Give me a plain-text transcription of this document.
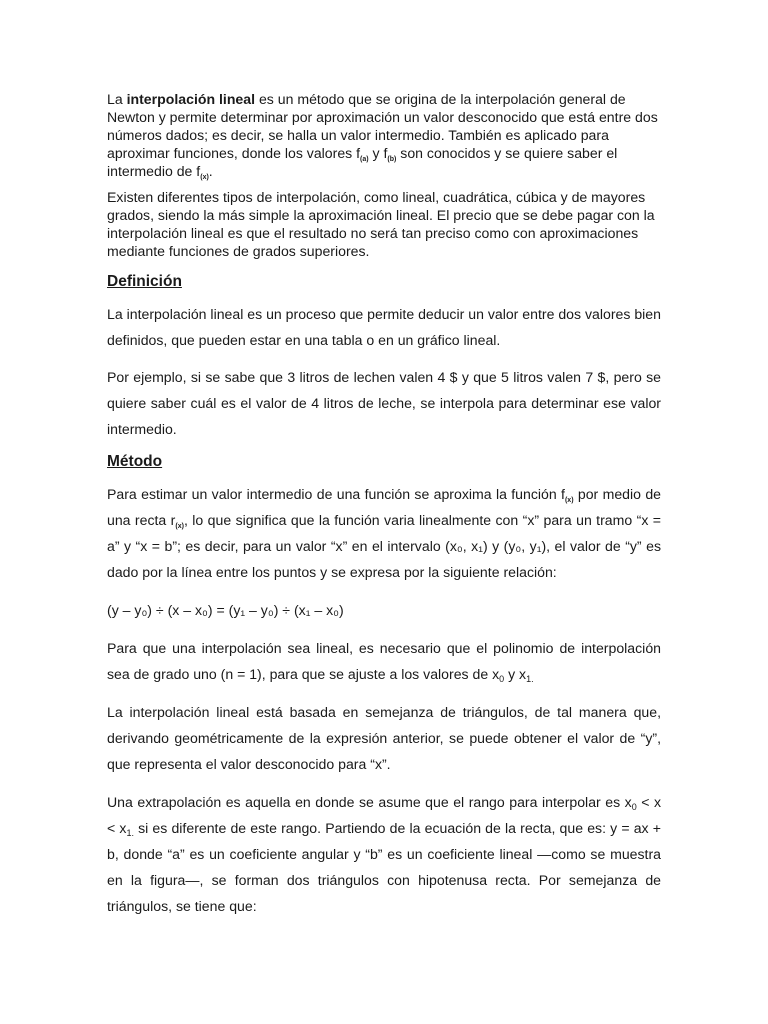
La interpolación lineal es un método que se origina de la interpolación general de Newton y permite determinar por aproximación un valor desconocido que está entre dos números dados; es decir, se halla un valor intermedio. También es aplicado para aproximar funciones, donde los valores $f_{(a)}$ y $f_{(b)}$ son conocidos y se quiere saber el intermedio de $f_{(x)}$.

Existen diferentes tipos de interpolación, como lineal, cuadrática, cúbica y de mayores grados, siendo la más simple la aproximación lineal. El precio que se debe pagar con la interpolación lineal es que el resultado no será tan preciso como con aproximaciones mediante funciones de grados superiores.

Definición

La interpolación lineal es un proceso que permite deducir un valor entre dos valores bien definidos, que pueden estar en una tabla o en un gráfico lineal.

Por ejemplo, si se sabe que 3 litros de lechen valen 4 $ y que 5 litros valen 7 $, pero se quiere saber cuál es el valor de 4 litros de leche, se interpola para determinar ese valor intermedio.

Método

Para estimar un valor intermedio de una función se aproxima la función $f_{(x)}$ por medio de una recta $r_{(x)}$, lo que significa que la función varia linealmente con “x” para un tramo “x = a” y “x = b”; es decir, para un valor “x” en el intervalo (x₀, x₁) y (y₀, y₁), el valor de “y” es dado por la línea entre los puntos y se expresa por la siguiente relación:

(y – y₀) ÷ (x – x₀) = (y₁ – y₀) ÷ (x₁ – x₀)

Para que una interpolación sea lineal, es necesario que el polinomio de interpolación sea de grado uno (n = 1), para que se ajuste a los valores de $x_0$ y $x_{1.}$

La interpolación lineal está basada en semejanza de triángulos, de tal manera que, derivando geométricamente de la expresión anterior, se puede obtener el valor de “y”, que representa el valor desconocido para “x”.

Una extrapolación es aquella en donde se asume que el rango para interpolar es $x_0 < x < x_{1.}$ si es diferente de este rango. Partiendo de la ecuación de la recta, que es: y = ax + b, donde “a” es un coeficiente angular y “b” es un coeficiente lineal —como se muestra en la figura—, se forman dos triángulos con hipotenusa recta. Por semejanza de triángulos, se tiene que:
